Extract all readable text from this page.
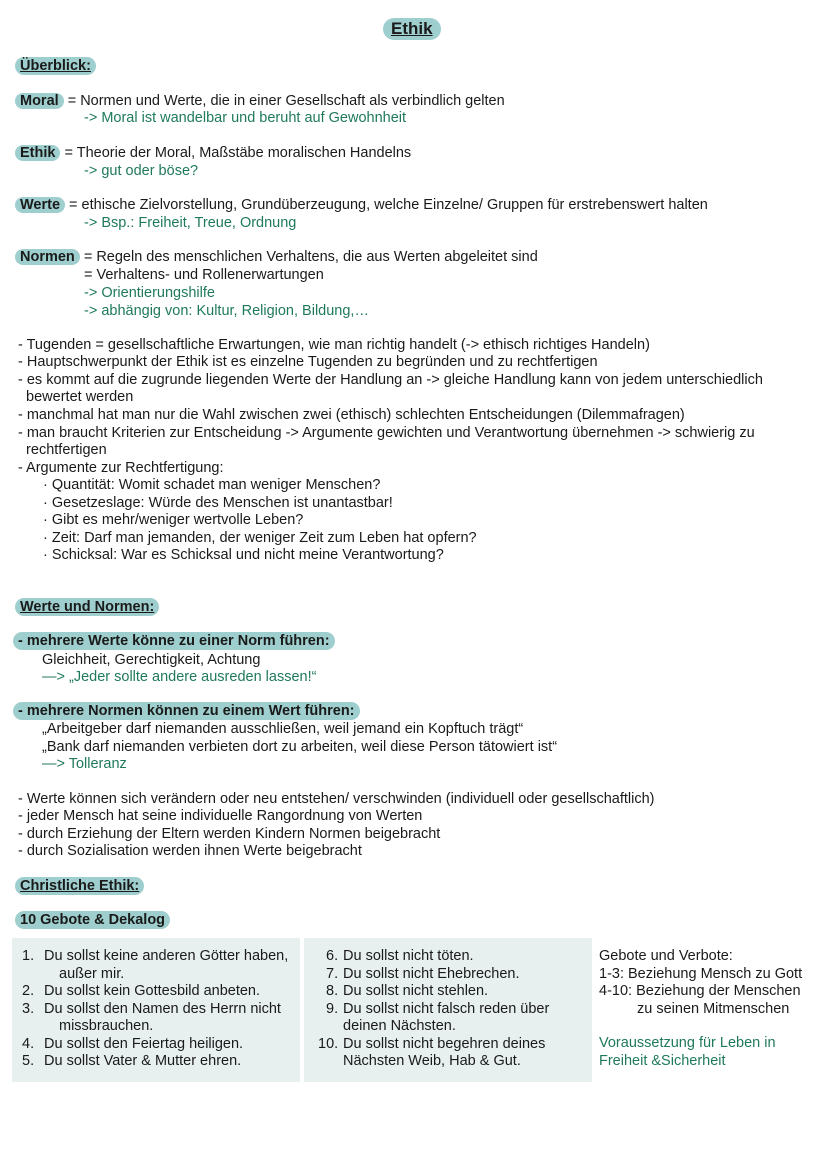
Ethik
Überblick:
Moral = Normen und Werte, die in einer Gesellschaft als verbindlich gelten
-> Moral ist wandelbar und beruht auf Gewohnheit
Ethik = Theorie der Moral, Maßstäbe moralischen Handelns
-> gut oder böse?
Werte = ethische Zielvorstellung, Grundüberzeugung, welche Einzelne/ Gruppen für erstrebenswert halten
-> Bsp.: Freiheit, Treue, Ordnung
Normen = Regeln des menschlichen Verhaltens, die aus Werten abgeleitet sind
= Verhaltens- und Rollenerwartungen
-> Orientierungshilfe
-> abhängig von: Kultur, Religion, Bildung,…
- Tugenden = gesellschaftliche Erwartungen, wie man richtig handelt (-> ethisch richtiges Handeln)
- Hauptschwerpunkt der Ethik ist es einzelne Tugenden zu begründen und zu rechtfertigen
- es kommt auf die zugrunde liegenden Werte der Handlung an -> gleiche Handlung kann von jedem unterschiedlich
bewertet werden
- manchmal hat man nur die Wahl zwischen zwei (ethisch) schlechten Entscheidungen (Dilemmafragen)
- man braucht Kriterien zur Entscheidung -> Argumente gewichten und Verantwortung übernehmen -> schwierig zu
rechtfertigen
- Argumente zur Rechtfertigung:
· Quantität: Womit schadet man weniger Menschen?
· Gesetzeslage: Würde des Menschen ist unantastbar!
· Gibt es mehr/weniger wertvolle Leben?
· Zeit: Darf man jemanden, der weniger Zeit zum Leben hat opfern?
· Schicksal: War es Schicksal und nicht meine Verantwortung?
Werte und Normen:
- mehrere Werte könne zu einer Norm führen:
Gleichheit, Gerechtigkeit, Achtung
—> „Jeder sollte andere ausreden lassen!“
- mehrere Normen können zu einem Wert führen:
„Arbeitgeber darf niemanden ausschließen, weil jemand ein Kopftuch trägt“
„Bank darf niemanden verbieten dort zu arbeiten, weil diese Person tätowiert ist“
—> Tolleranz
- Werte können sich verändern oder neu entstehen/ verschwinden (individuell oder gesellschaftlich)
- jeder Mensch hat seine individuelle Rangordnung von Werten
- durch Erziehung der Eltern werden Kindern Normen beigebracht
- durch Sozialisation werden ihnen Werte beigebracht
Christliche Ethik:
10 Gebote & Dekalog
1. Du sollst keine anderen Götter haben,
außer mir.
2. Du sollst kein Gottesbild anbeten.
3. Du sollst den Namen des Herrn nicht
missbrauchen.
4. Du sollst den Feiertag heiligen.
5. Du sollst Vater & Mutter ehren.
6. Du sollst nicht töten.
7. Du sollst nicht Ehebrechen.
8. Du sollst nicht stehlen.
9. Du sollst nicht falsch reden über
deinen Nächsten.
10. Du sollst nicht begehren deines
Nächsten Weib, Hab & Gut.
Gebote und Verbote:
1-3: Beziehung Mensch zu Gott
4-10: Beziehung der Menschen
zu seinen Mitmenschen
Voraussetzung für Leben in
Freiheit &Sicherheit
